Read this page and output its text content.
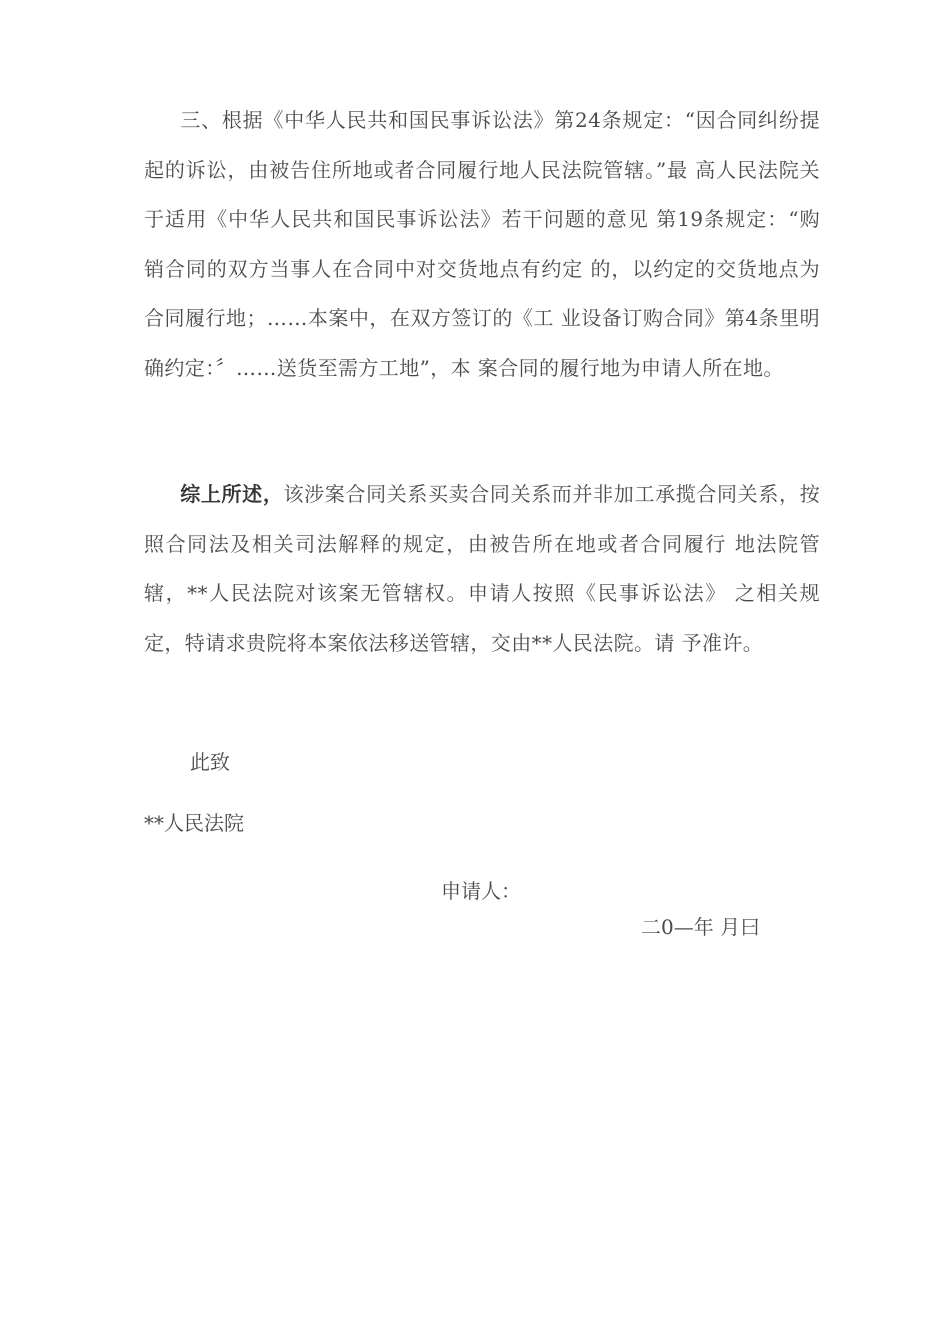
三、根据《中华人民共和国民事诉讼法》第24条规定：“因合同纠纷提起的诉讼，由被告住所地或者合同履行地人民法院管辖。”最 高人民法院关于适用《中华人民共和国民事诉讼法》若干问题的意见 第19条规定：“购销合同的双方当事人在合同中对交货地点有约定 的，以约定的交货地点为合同履行地；……本案中，在双方签订的《工 业设备订购合同》第4条里明确约定：〞……送货至需方工地”，本 案合同的履行地为申请人所在地。

综上所述，该涉案合同关系买卖合同关系而并非加工承揽合同关系，按照合同法及相关司法解释的规定，由被告所在地或者合同履行 地法院管辖，**人民法院对该案无管辖权。申请人按照《民事诉讼法》 之相关规定，特请求贵院将本案依法移送管辖，交由**人民法院。请 予准许。

此致

**人民法院

申请人：

二0—年 月曰
